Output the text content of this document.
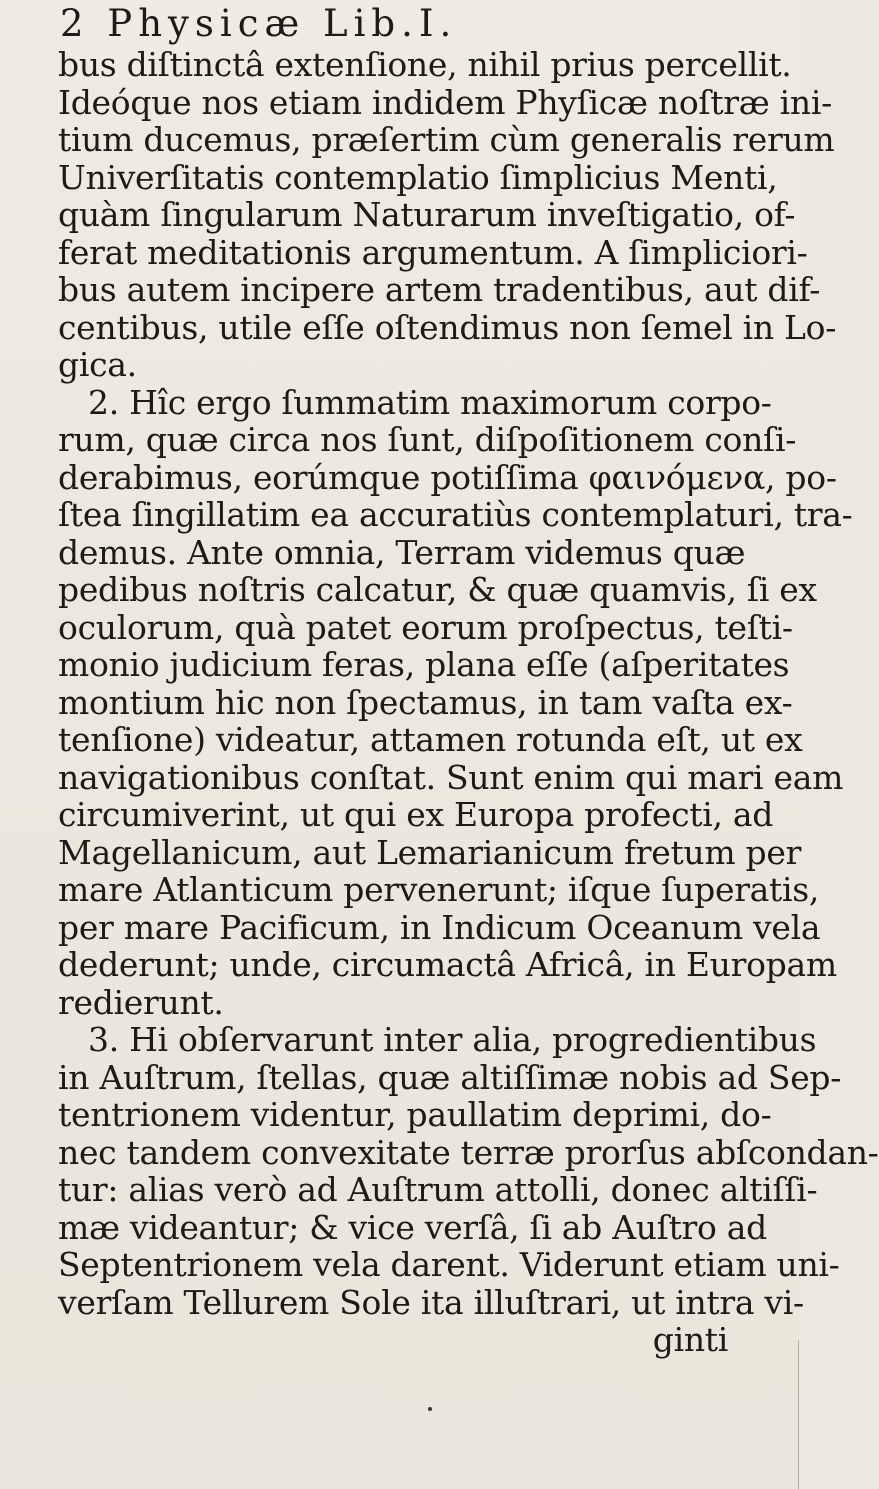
2 Physicæ Lib.I.
bus diſtinctâ extenſione, nihil prius percellit.
Ideóque nos etiam indidem Phyſicæ noſtræ ini-
tium ducemus, præſertim cùm generalis rerum
Univerſitatis contemplatio ſimplicius Menti,
quàm ſingularum Naturarum inveſtigatio, of-
ferat meditationis argumentum. A ſimpliciori-
bus autem incipere artem tradentibus, aut dif-
centibus, utile eſſe oſtendimus non ſemel in Lo-
gica.
2. Hîc ergo ſummatim maximorum corpo-
rum, quæ circa nos ſunt, diſpoſitionem conſi-
derabimus, eorúmque potiſſima φαινόμενα, po-
ſtea ſingillatim ea accuratiùs contemplaturi, tra-
demus. Ante omnia, Terram videmus quæ
pedibus noſtris calcatur, & quæ quamvis, ſi ex
oculorum, quà patet eorum proſpectus, teſti-
monio judicium feras, plana eſſe (aſperitates
montium hic non ſpectamus, in tam vaſta ex-
tenſione) videatur, attamen rotunda eſt, ut ex
navigationibus conſtat. Sunt enim qui mari eam
circumiverint, ut qui ex Europa profecti, ad
Magellanicum, aut Lemarianicum fretum per
mare Atlanticum pervenerunt; iſque ſuperatis,
per mare Pacificum, in Indicum Oceanum vela
dederunt; unde, circumactâ Africâ, in Europam
redierunt.
3. Hi obſervarunt inter alia, progredientibus
in Auſtrum, ſtellas, quæ altiſſimæ nobis ad Sep-
tentrionem videntur, paullatim deprimi, do-
nec tandem convexitate terræ prorſus abſcondan-
tur: alias verò ad Auſtrum attolli, donec altiſſi-
mæ videantur; & vice verſâ, ſi ab Auſtro ad
Septentrionem vela darent. Viderunt etiam uni-
verſam Tellurem Sole ita illuſtrari, ut intra vi-
ginti
